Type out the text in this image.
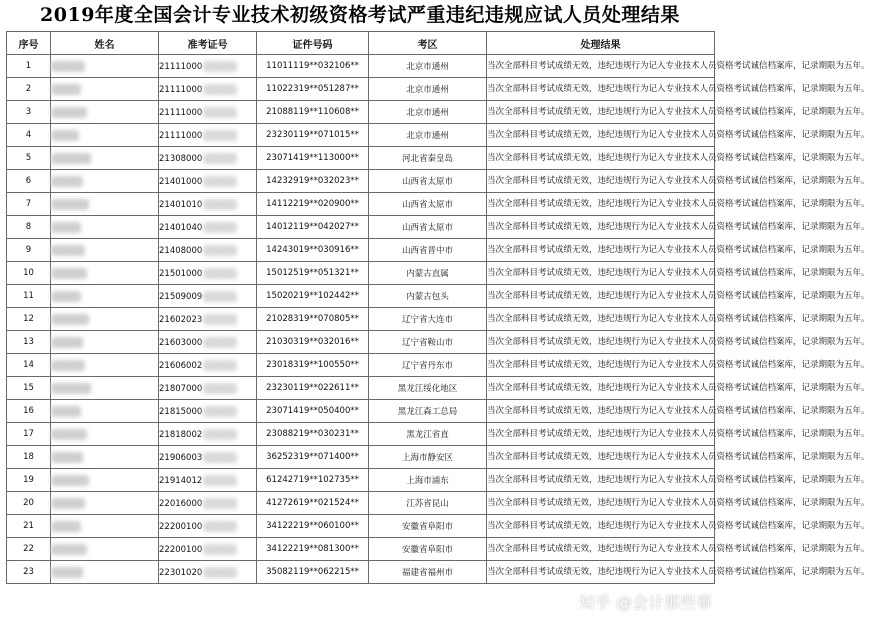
2019年度全国会计专业技术初级资格考试严重违纪违规应试人员处理结果
序号	姓名	准考证号	证件号码	考区	处理结果
1		21111000	11011119**032106**	北京市通州	当次全部科目考试成绩无效，违纪违规行为记入专业技术人员资格考试诚信档案库，记录期限为五年。
2		21111000	11022319**051287**	北京市通州	当次全部科目考试成绩无效，违纪违规行为记入专业技术人员资格考试诚信档案库，记录期限为五年。
3		21111000	21088119**110608**	北京市通州	当次全部科目考试成绩无效，违纪违规行为记入专业技术人员资格考试诚信档案库，记录期限为五年。
4		21111000	23230119**071015**	北京市通州	当次全部科目考试成绩无效，违纪违规行为记入专业技术人员资格考试诚信档案库，记录期限为五年。
5		21308000	23071419**113000**	河北省秦皇岛	当次全部科目考试成绩无效，违纪违规行为记入专业技术人员资格考试诚信档案库，记录期限为五年。
6		21401000	14232919**032023**	山西省太原市	当次全部科目考试成绩无效，违纪违规行为记入专业技术人员资格考试诚信档案库，记录期限为五年。
7		21401010	14112219**020900**	山西省太原市	当次全部科目考试成绩无效，违纪违规行为记入专业技术人员资格考试诚信档案库，记录期限为五年。
8		21401040	14012119**042027**	山西省太原市	当次全部科目考试成绩无效，违纪违规行为记入专业技术人员资格考试诚信档案库，记录期限为五年。
9		21408000	14243019**030916**	山西省晋中市	当次全部科目考试成绩无效，违纪违规行为记入专业技术人员资格考试诚信档案库，记录期限为五年。
10		21501000	15012519**051321**	内蒙古直属	当次全部科目考试成绩无效，违纪违规行为记入专业技术人员资格考试诚信档案库，记录期限为五年。
11		21509009	15020219**102442**	内蒙古包头	当次全部科目考试成绩无效，违纪违规行为记入专业技术人员资格考试诚信档案库，记录期限为五年。
12		21602023	21028319**070805**	辽宁省大连市	当次全部科目考试成绩无效，违纪违规行为记入专业技术人员资格考试诚信档案库，记录期限为五年。
13		21603000	21030319**032016**	辽宁省鞍山市	当次全部科目考试成绩无效，违纪违规行为记入专业技术人员资格考试诚信档案库，记录期限为五年。
14		21606002	23018319**100550**	辽宁省丹东市	当次全部科目考试成绩无效，违纪违规行为记入专业技术人员资格考试诚信档案库，记录期限为五年。
15		21807000	23230119**022611**	黑龙江绥化地区	当次全部科目考试成绩无效，违纪违规行为记入专业技术人员资格考试诚信档案库，记录期限为五年。
16		21815000	23071419**050400**	黑龙江森工总局	当次全部科目考试成绩无效，违纪违规行为记入专业技术人员资格考试诚信档案库，记录期限为五年。
17		21818002	23088219**030231**	黑龙江省直	当次全部科目考试成绩无效，违纪违规行为记入专业技术人员资格考试诚信档案库，记录期限为五年。
18		21906003	36252319**071400**	上海市静安区	当次全部科目考试成绩无效，违纪违规行为记入专业技术人员资格考试诚信档案库，记录期限为五年。
19		21914012	61242719**102735**	上海市浦东	当次全部科目考试成绩无效，违纪违规行为记入专业技术人员资格考试诚信档案库，记录期限为五年。
20		22016000	41272619**021524**	江苏省昆山	当次全部科目考试成绩无效，违纪违规行为记入专业技术人员资格考试诚信档案库，记录期限为五年。
21		22200100	34122219**060100**	安徽省阜阳市	当次全部科目考试成绩无效，违纪违规行为记入专业技术人员资格考试诚信档案库，记录期限为五年。
22		22200100	34122219**081300**	安徽省阜阳市	当次全部科目考试成绩无效，违纪违规行为记入专业技术人员资格考试诚信档案库，记录期限为五年。
23		22301020	35082119**062215**	福建省福州市	当次全部科目考试成绩无效，违纪违规行为记入专业技术人员资格考试诚信档案库，记录期限为五年。
知乎 @会计那些事
